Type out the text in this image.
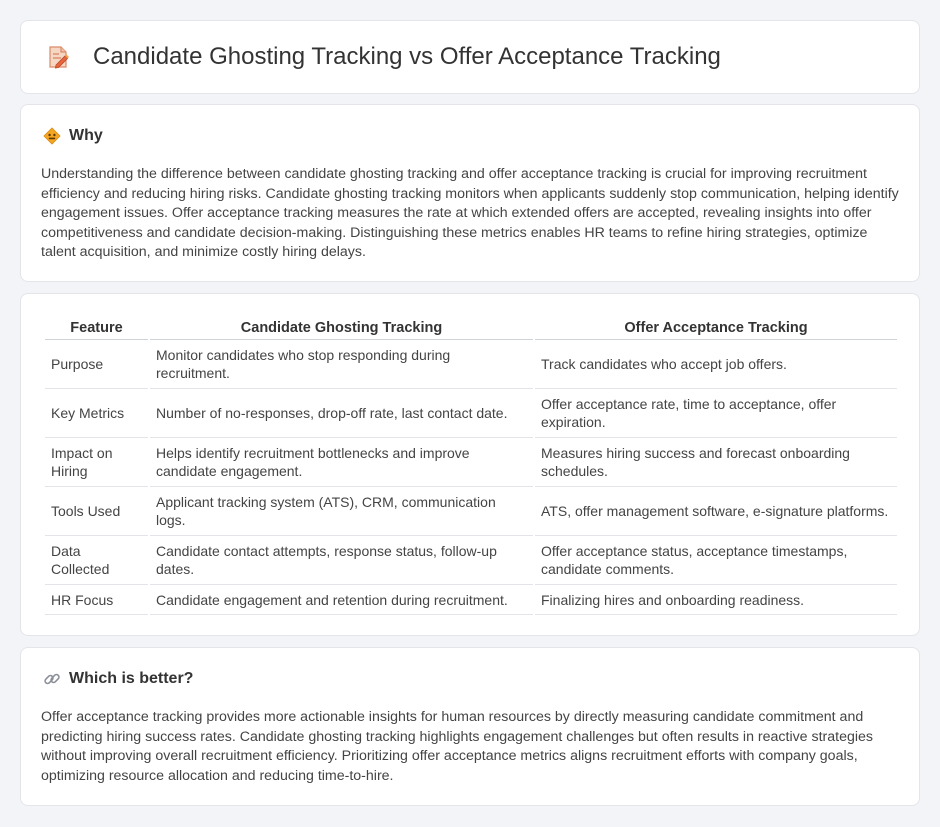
Candidate Ghosting Tracking vs Offer Acceptance Tracking
Why

Understanding the difference between candidate ghosting tracking and offer acceptance tracking is crucial for improving recruitment efficiency and reducing hiring risks. Candidate ghosting tracking monitors when applicants suddenly stop communication, helping identify engagement issues. Offer acceptance tracking measures the rate at which extended offers are accepted, revealing insights into offer competitiveness and candidate decision-making. Distinguishing these metrics enables HR teams to refine hiring strategies, optimize talent acquisition, and minimize costly hiring delays.

Feature	Candidate Ghosting Tracking	Offer Acceptance Tracking
Purpose	Monitor candidates who stop responding during recruitment.	Track candidates who accept job offers.
Key Metrics	Number of no-responses, drop-off rate, last contact date.	Offer acceptance rate, time to acceptance, offer expiration.
Impact on Hiring	Helps identify recruitment bottlenecks and improve candidate engagement.	Measures hiring success and forecast onboarding schedules.
Tools Used	Applicant tracking system (ATS), CRM, communication logs.	ATS, offer management software, e-signature platforms.
Data Collected	Candidate contact attempts, response status, follow-up dates.	Offer acceptance status, acceptance timestamps, candidate comments.
HR Focus	Candidate engagement and retention during recruitment.	Finalizing hires and onboarding readiness.
Which is better?

Offer acceptance tracking provides more actionable insights for human resources by directly measuring candidate commitment and predicting hiring success rates. Candidate ghosting tracking highlights engagement challenges but often results in reactive strategies without improving overall recruitment efficiency. Prioritizing offer acceptance metrics aligns recruitment efforts with company goals, optimizing resource allocation and reducing time-to-hire.
